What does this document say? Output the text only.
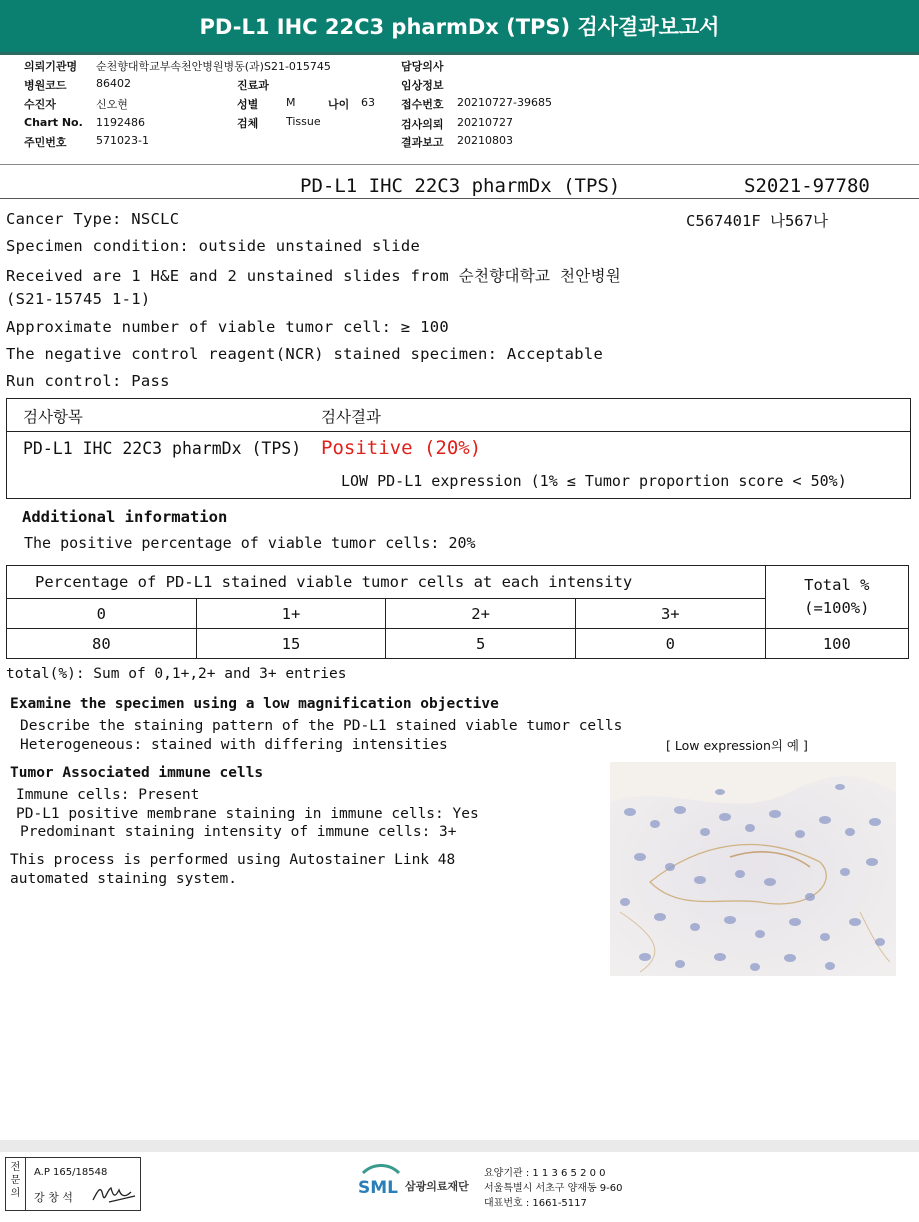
PD-L1 IHC 22C3 pharmDx (TPS) 검사결과보고서
의뢰기관명 순천향대학교부속천안병원병동(과)S21-015745
병원코드	86402
수진자	신오현
Chart No. 1192486
주민번호	571023-1
진료과
성별	M	나이 63
검체	Tissue
담당의사
임상정보
접수번호 20210727-39685
검사의뢰 20210727
결과보고 20210803
PD-L1 IHC 22C3 pharmDx (TPS)	S2021-97780
Cancer Type: NSCLC	C567401F 나567나
Specimen condition: outside unstained slide
Received are 1 H&E and 2 unstained slides from 순천향대학교 천안병원
(S21-15745 1-1)
Approximate number of viable tumor cell: ≥ 100
The negative control reagent(NCR) stained specimen: Acceptable
Run control: Pass
검사항목	검사결과
PD-L1 IHC 22C3 pharmDx (TPS) Positive (20%)
LOW PD-L1 expression (1% ≤ Tumor proportion score < 50%)
Additional information
The positive percentage of viable tumor cells: 20%
Percentage of PD-L1 stained viable tumor cells at each intensity				Total %
(=100%)

0	1+	2+	3+	
80	15	5	0	100
total(%): Sum of 0,1+,2+ and 3+ entries
Examine the specimen using a low magnification objective
Describe the staining pattern of the PD-L1 stained viable tumor cells
Heterogeneous: stained with differing intensities
Tumor Associated immune cells
Immune cells: Present
PD-L1 positive membrane staining in immune cells: Yes
Predominant staining intensity of immune cells: 3+
This process is performed using Autostainer Link 48
automated staining system.
[ Low expression의 예 ]
전문의
A.P 165/18548
강 창 석	SML 삼광의료재단
요양기관 : 1 1 3 6 5 2 0 0
서울특별시 서초구 양재동 9-60
대표번호 : 1661-5117
